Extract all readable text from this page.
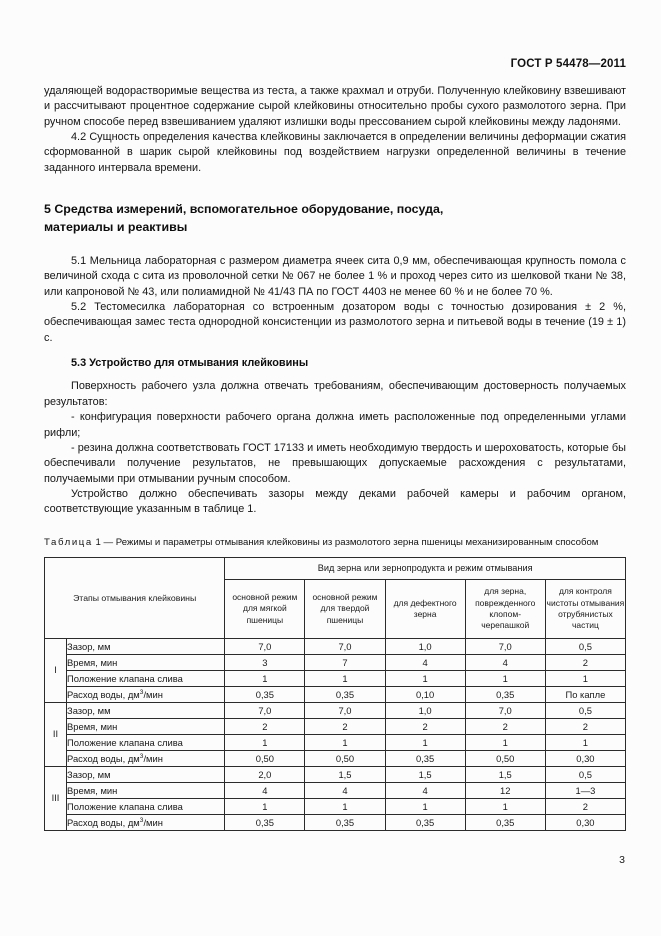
ГОСТ Р 54478—2011

удаляющей водорастворимые вещества из теста, а также крахмал и отруби. Полученную клейковину взвешивают и рассчитывают процентное содержание сырой клейковины относительно пробы сухого размолотого зерна. При ручном способе перед взвешиванием удаляют излишки воды прессованием сырой клейковины между ладонями.

4.2 Сущность определения качества клейковины заключается в определении величины деформации сжатия сформованной в шарик сырой клейковины под воздействием нагрузки определенной величины в течение заданного интервала времени.

5 Средства измерений, вспомогательное оборудование, посуда,
материалы и реактивы

5.1 Мельница лабораторная с размером диаметра ячеек сита 0,9 мм, обеспечивающая крупность помола с величиной схода с сита из проволочной сетки № 067 не более 1 % и проход через сито из шелковой ткани № 38, или капроновой № 43, или полиамидной № 41/43 ПА по ГОСТ 4403 не менее 60 % и не более 70 %.

5.2 Тестомесилка лабораторная со встроенным дозатором воды с точностью дозирования ± 2 %, обеспечивающая замес теста однородной консистенции из размолотого зерна и питьевой воды в течение (19 ± 1) с.

5.3 Устройство для отмывания клейковины

Поверхность рабочего узла должна отвечать требованиям, обеспечивающим достоверность получаемых результатов:

- конфигурация поверхности рабочего органа должна иметь расположенные под определенными углами рифли;

- резина должна соответствовать ГОСТ 17133 и иметь необходимую твердость и шероховатость, которые бы обеспечивали получение результатов, не превышающих допускаемые расхождения с результатами, получаемыми при отмывании ручным способом.

Устройство должно обеспечивать зазоры между деками рабочей камеры и рабочим органом, соответствующие указанным в таблице 1.

Таблица 1 — Режимы и параметры отмывания клейковины из размолотого зерна пшеницы механизированным способом

Этапы отмывания клейковины		Вид зерна или зернопродукта и режим отмывания				
		основной режим для мягкой пшеницы	основной режим для твердой пшеницы	для дефектного зерна	для зерна, поврежденного клопом-черепашкой	для контроля чистоты отмывания отрубянистых частиц
I	Зазор, мм	7,0	7,0	1,0	7,0	0,5
	Время, мин	3	7	4	4	2
	Положение клапана слива	1	1	1	1	1
	Расход воды, $дм^3$/мин	0,35	0,35	0,10	0,35	По капле
II	Зазор, мм	7,0	7,0	1,0	7,0	0,5
	Время, мин	2	2	2	2	2
	Положение клапана слива	1	1	1	1	1
	Расход воды, $дм^3$/мин	0,50	0,50	0,35	0,50	0,30
III	Зазор, мм	2,0	1,5	1,5	1,5	0,5
	Время, мин	4	4	4	12	1—3
	Положение клапана слива	1	1	1	1	2
	Расход воды, $дм^3$/мин	0,35	0,35	0,35	0,35	0,30
3
